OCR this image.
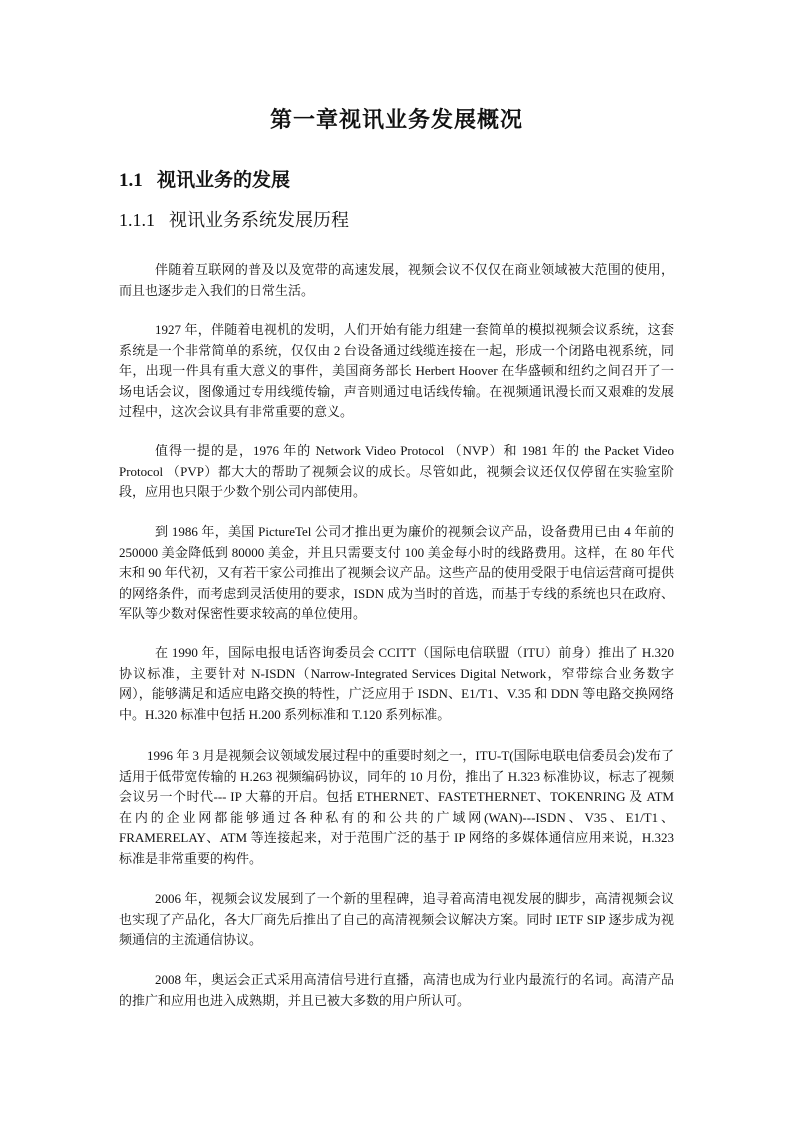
第一章视讯业务发展概况
1.1 视讯业务的发展
1.1.1 视讯业务系统发展历程

伴随着互联网的普及以及宽带的高速发展，视频会议不仅仅在商业领域被大范围的使用，而且也逐步走入我们的日常生活。

1927 年，伴随着电视机的发明，人们开始有能力组建一套简单的模拟视频会议系统，这套系统是一个非常简单的系统，仅仅由 2 台设备通过线缆连接在一起，形成一个闭路电视系统，同年，出现一件具有重大意义的事件，美国商务部长 Herbert Hoover 在华盛顿和纽约之间召开了一场电话会议，图像通过专用线缆传输，声音则通过电话线传输。在视频通讯漫长而又艰难的发展过程中，这次会议具有非常重要的意义。

值得一提的是，1976 年的 Network Video Protocol （NVP）和 1981 年的 the Packet Video Protocol （PVP）都大大的帮助了视频会议的成长。尽管如此，视频会议还仅仅停留在实验室阶段，应用也只限于少数个别公司内部使用。

到 1986 年，美国 PictureTel 公司才推出更为廉价的视频会议产品，设备费用已由 4 年前的 250000 美金降低到 80000 美金，并且只需要支付 100 美金每小时的线路费用。这样，在 80 年代末和 90 年代初，又有若干家公司推出了视频会议产品。这些产品的使用受限于电信运营商可提供的网络条件，而考虑到灵活使用的要求，ISDN 成为当时的首选，而基于专线的系统也只在政府、军队等少数对保密性要求较高的单位使用。

在 1990 年，国际电报电话咨询委员会 CCITT（国际电信联盟（ITU）前身）推出了 H.320 协议标准，主要针对 N-ISDN（Narrow-Integrated Services Digital Network，窄带综合业务数字网），能够满足和适应电路交换的特性，广泛应用于 ISDN、E1/T1、V.35 和 DDN 等电路交换网络中。H.320 标准中包括 H.200 系列标准和 T.120 系列标准。

1996 年 3 月是视频会议领域发展过程中的重要时刻之一，ITU-T(国际电联电信委员会)发布了适用于低带宽传输的 H.263 视频编码协议，同年的 10 月份，推出了 H.323 标准协议，标志了视频会议另一个时代--- IP 大幕的开启。包括 ETHERNET、FASTETHERNET、TOKENRING 及 ATM 在内的企业网都能够通过各种私有的和公共的广域网(WAN)---ISDN、V35、E1/T1、FRAMERELAY、ATM 等连接起来，对于范围广泛的基于 IP 网络的多媒体通信应用来说，H.323 标准是非常重要的构件。

2006 年，视频会议发展到了一个新的里程碑，追寻着高清电视发展的脚步，高清视频会议也实现了产品化，各大厂商先后推出了自己的高清视频会议解决方案。同时 IETF SIP 逐步成为视频通信的主流通信协议。

2008 年，奥运会正式采用高清信号进行直播，高清也成为行业内最流行的名词。高清产品的推广和应用也进入成熟期，并且已被大多数的用户所认可。
